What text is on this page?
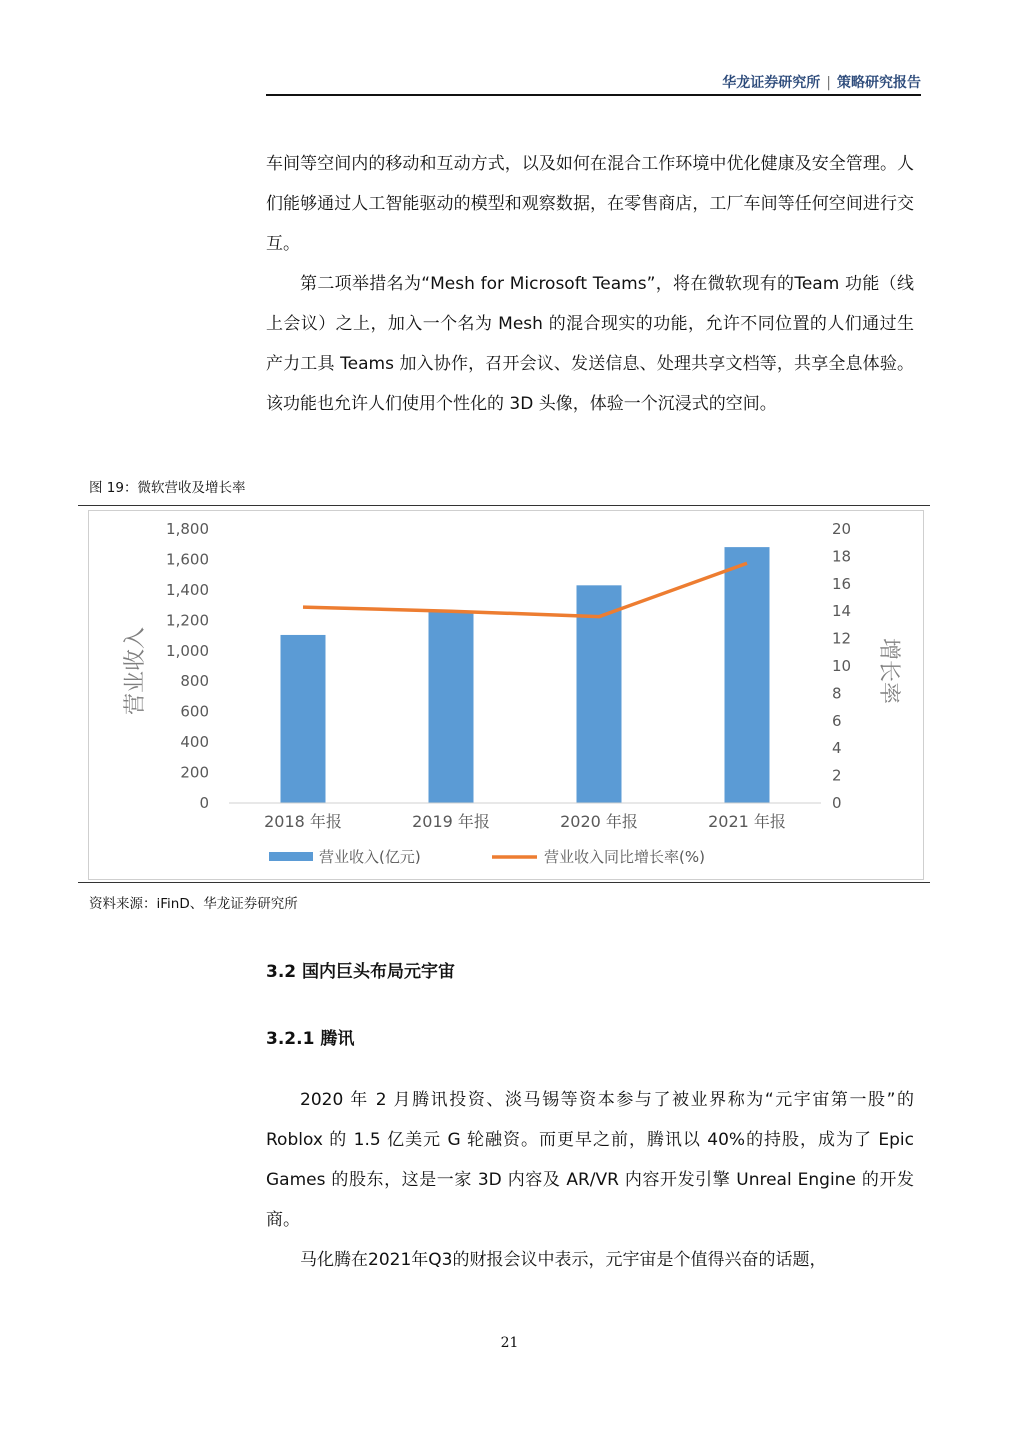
华龙证券研究所 | 策略研究报告

车间等空间内的移动和互动方式，以及如何在混合工作环境中优化健康及安全管理。人们能够通过人工智能驱动的模型和观察数据，在零售商店，工厂车间等任何空间进行交互。

第二项举措名为“Mesh for Microsoft Teams”，将在微软现有的Team 功能（线上会议）之上，加入一个名为 Mesh 的混合现实的功能，允许不同位置的人们通过生产力工具 Teams 加入协作，召开会议、发送信息、处理共享文档等，共享全息体验。该功能也允许人们使用个性化的 3D 头像，体验一个沉浸式的空间。

图 19：微软营收及增长率
0
200
400
600
800
1,000
1,200
1,400
1,600
1,800
0
2
4
6
8
10
12
14
16
18
20
2018 年报	2019 年报	2020 年报	2021 年报
营业收入	增长率
营业收入(亿元)	营业收入同比增长率(%)
资料来源：iFinD、华龙证券研究所
3.2 国内巨头布局元宇宙
3.2.1 腾讯

2020 年 2 月腾讯投资、淡马锡等资本参与了被业界称为“元宇宙第一股”的 Roblox 的 1.5 亿美元 G 轮融资。而更早之前，腾讯以 40%的持股，成为了 Epic Games 的股东，这是一家 3D 内容及 AR/VR 内容开发引擎 Unreal Engine 的开发商。

马化腾在2021年Q3的财报会议中表示，元宇宙是个值得兴奋的话题，

21
